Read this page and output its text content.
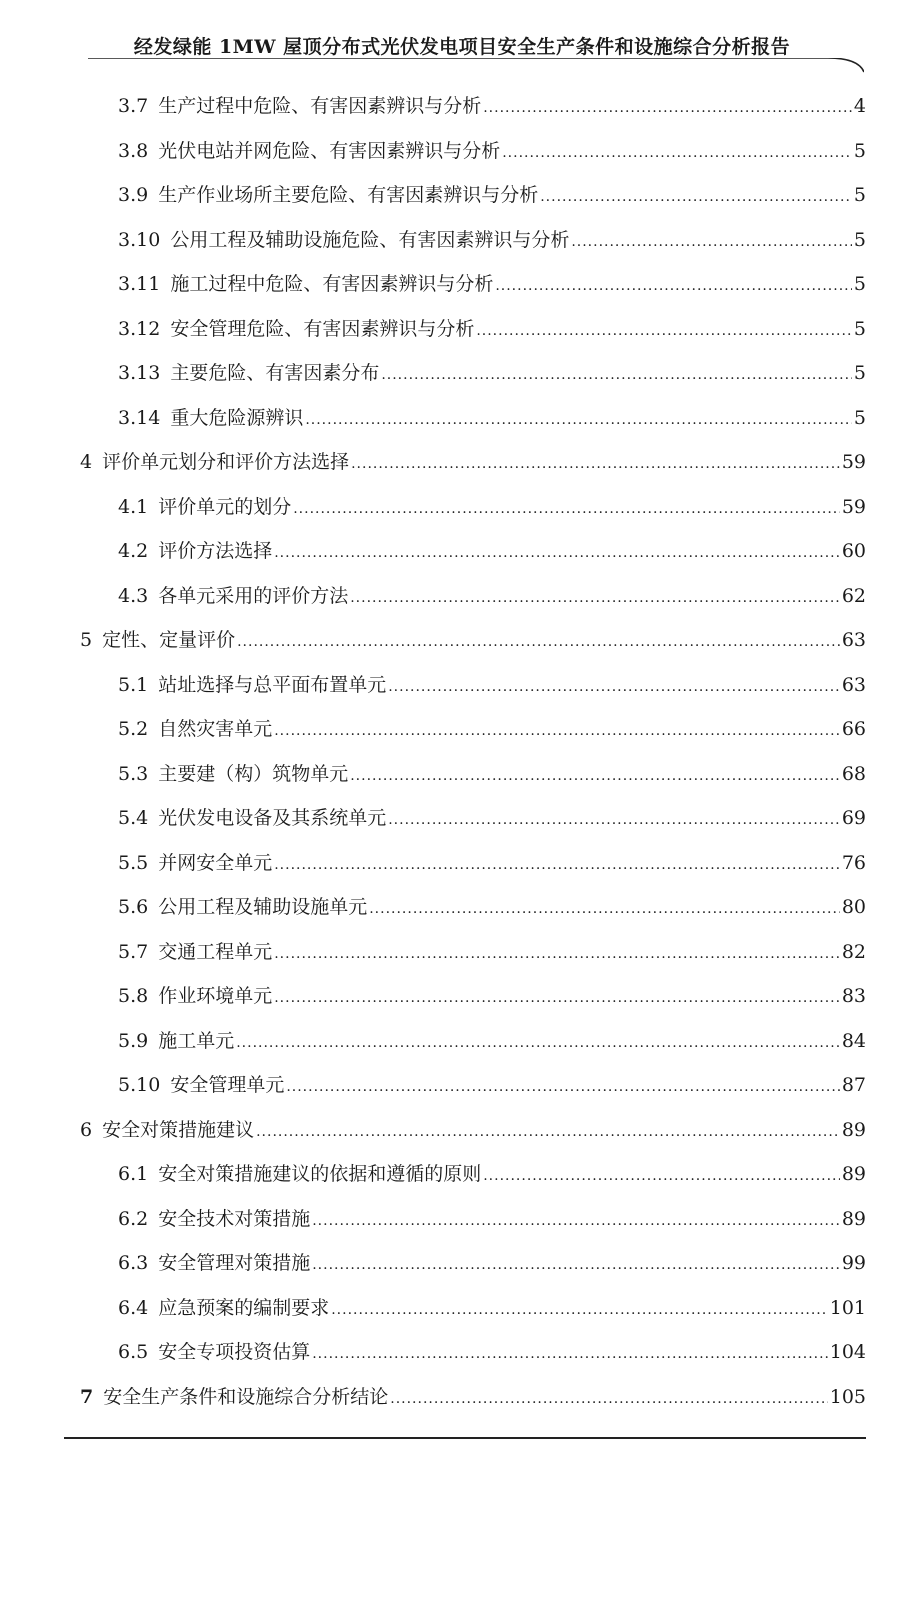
经发绿能 1MW 屋顶分布式光伏发电项目安全生产条件和设施综合分析报告
3.7 生产过程中危险、有害因素辨识与分析 .....	4
3.8 光伏电站并网危险、有害因素辨识与分析 .....	5
3.9 生产作业场所主要危险、有害因素辨识与分析 .....	5
3.10 公用工程及辅助设施危险、有害因素辨识与分析 .....	5
3.11 施工过程中危险、有害因素辨识与分析 .....	5
3.12 安全管理危险、有害因素辨识与分析 .....	5
3.13 主要危险、有害因素分布 .....	5
3.14 重大危险源辨识 .....	5
4 评价单元划分和评价方法选择 .....	59
4.1 评价单元的划分 .....	59
4.2 评价方法选择 .....	60
4.3 各单元采用的评价方法 .....	62
5 定性、定量评价 .....	63
5.1 站址选择与总平面布置单元 .....	63
5.2 自然灾害单元 .....	66
5.3 主要建（构）筑物单元 .....	68
5.4 光伏发电设备及其系统单元 .....	69
5.5 并网安全单元 .....	76
5.6 公用工程及辅助设施单元 .....	80
5.7 交通工程单元 .....	82
5.8 作业环境单元 .....	83
5.9 施工单元 .....	84
5.10 安全管理单元 .....	87
6 安全对策措施建议 .....	89
6.1 安全对策措施建议的依据和遵循的原则 .....	89
6.2 安全技术对策措施 .....	89
6.3 安全管理对策措施 .....	99
6.4 应急预案的编制要求 .....	101
6.5 安全专项投资估算 .....	104
7 安全生产条件和设施综合分析结论 .....	105
